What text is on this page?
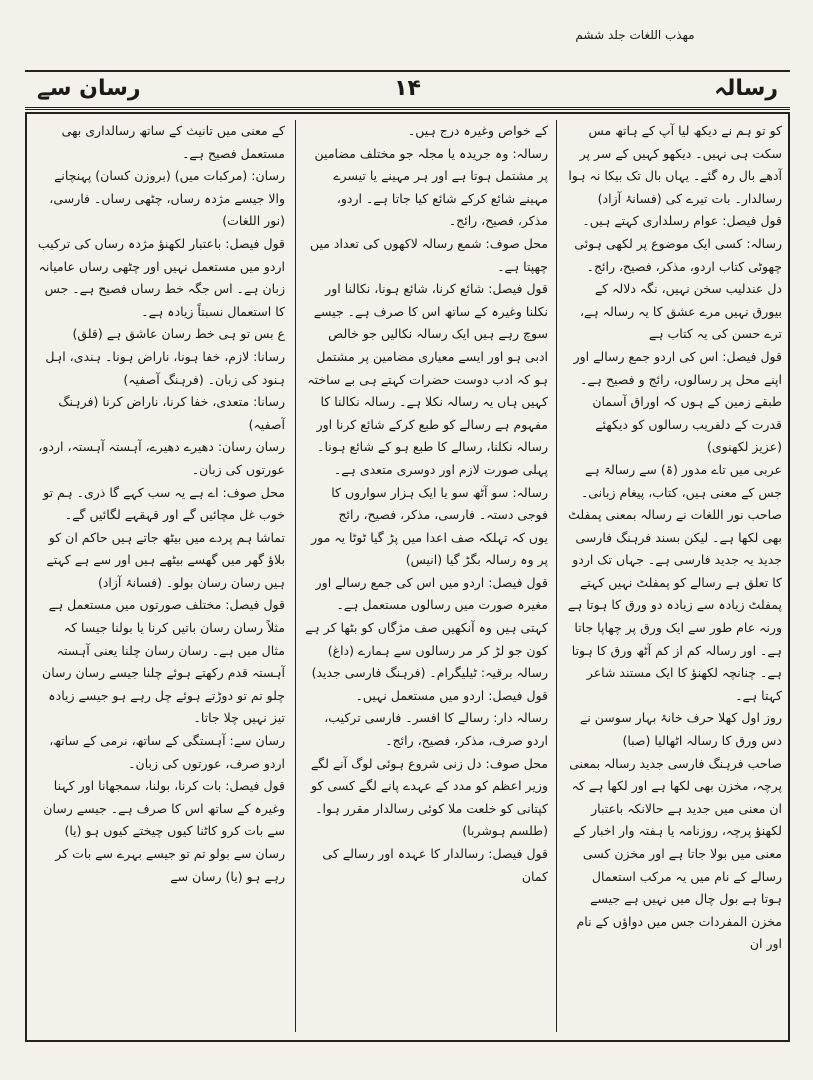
مھذب اللغات جلد ششم
رسالہ
۱۴
رسان سے

کو تو ہم نے دیکھ لیا آپ کے ہاتھ مس سکت ہی نہیں۔ دیکھو کہیں کے سر پر آدھے بال رہ گئے۔ یہاں بال تک بیکا نہ ہوا رسالدار۔ بات تیرے کی (فسانۂ آزاد)

قول فیصل: عوام رسلداری کہتے ہیں۔

رسالہ: کسی ایک موضوع پر لکھی ہوئی چھوٹی کتاب اردو، مذکر، فصیح، رائج۔

دل عندلیب سخن نہیں، نگہ دلالہ کے بیورق نہیں مرے عشق کا یہ رسالہ ہے، ترے حسن کی یہ کتاب ہے

قول فیصل: اس کی اردو جمع رسالے اور اپنے محل پر رسالوں، رائج و فصیح ہے۔

طبقے زمین کے ہوں کہ اوراق آسمان قدرت کے دلفریب رسالوں کو دیکھئے (عزیز لکھنوی)

عربی میں تاے مدور (ۃ) سے رسالۃ ہے جس کے معنی ہیں، کتاب، پیغام زبانی۔ صاحب نور اللغات نے رسالہ بمعنی پمفلٹ بھی لکھا ہے۔ لیکن بسند فرہنگ فارسی جدید یہ جدید فارسی ہے۔ جہاں تک اردو کا تعلق ہے رسالے کو پمفلٹ نہیں کہتے پمفلٹ زیادہ سے زیادہ دو ورق کا ہوتا ہے ورنہ عام طور سے ایک ورق پر چھاپا جاتا ہے۔ اور رسالہ کم از کم آٹھ ورق کا ہوتا ہے۔ چنانچہ لکھنؤ کا ایک مستند شاعر کہتا ہے۔

روز اول کھلا حرف خانۂ بہار سوسن نے دس ورق کا رسالہ اٹھالیا (صبا)

صاحب فرہنگ فارسی جدید رسالہ بمعنی پرچہ، مخزن بھی لکھا ہے اور لکھا ہے کہ ان معنی میں جدید ہے حالانکہ باعتبار لکھنؤ پرچہ، روزنامہ یا ہفتہ وار اخبار کے معنی میں بولا جاتا ہے اور مخزن کسی رسالے کے نام میں یہ مرکب استعمال ہوتا ہے بول چال میں نہیں ہے جیسے مخزن المفردات جس میں دواؤں کے نام اور ان

کے خواص وغیرہ درج ہیں۔

رسالہ: وہ جریدہ یا مجلہ جو مختلف مضامین پر مشتمل ہوتا ہے اور ہر مہینے یا تیسرے مہینے شائع کرکے شائع کیا جاتا ہے۔ اردو، مذکر، فصیح، رائج۔

محل صوف: شمع رسالہ لاکھوں کی تعداد میں چھپتا ہے۔

قول فیصل: شائع کرنا، شائع ہونا، نکالنا اور نکلنا وغیرہ کے ساتھ اس کا صرف ہے۔ جیسے سوچ رہے ہیں ایک رسالہ نکالیں جو خالص ادبی ہو اور ایسے معیاری مضامین پر مشتمل ہو کہ ادب دوست حضرات کہتے ہی بے ساختہ کہیں ہاں یہ رسالہ نکلا ہے۔ رسالہ نکالنا کا مفہوم ہے رسالے کو طبع کرکے شائع کرنا اور رسالہ نکلنا، رسالے کا طبع ہو کے شائع ہونا۔ پہلی صورت لازم اور دوسری متعدی ہے۔

رسالہ: سو آٹھ سو یا ایک ہزار سواروں کا فوجی دستہ۔ فارسی، مذکر، فصیح، رائج

یوں کہ تہلکہ صف اعدا میں پڑ گیا ٹوٹا یہ مور پر وہ رسالہ بگڑ گیا (انیس)

قول فیصل: اردو میں اس کی جمع رسالے اور مغیرہ صورت میں رسالوں مستعمل ہے۔

کہتی ہیں وہ آنکھیں صف مژگاں کو بٹھا کر ہے کون جو لڑ کر مر رسالوں سے ہمارے (داغ)

رسالہ برقیہ: ٹیلیگرام۔ (فرہنگ فارسی جدید)

قول فیصل: اردو میں مستعمل نہیں۔

رسالہ دار: رسالے کا افسر۔ فارسی ترکیب، اردو صرف، مذکر، فصیح، رائج۔

محل صوف: دل زنی شروع ہوئی لوگ آنے لگے وزیر اعظم کو مدد کے عہدے پانے لگے کسی کو کپتانی کو خلعت ملا کوئی رسالدار مقرر ہوا۔ (طلسم ہوشربا)

قول فیصل: رسالدار کا عہدہ اور رسالے کی کمان

کے معنی میں تانیث کے ساتھ رسالداری بھی مستعمل فصیح ہے۔

رسان: (مرکبات میں) (بروزن کسان) پہنچانے والا جیسے مژدہ رساں، چٹھی رساں۔ فارسی، (نور اللغات)

قول فیصل: باعتبار لکھنؤ مژدہ رساں کی ترکیب اردو میں مستعمل نہیں اور چٹھی رساں عامیانہ زبان ہے۔ اس جگہ خط رساں فصیح ہے۔ جس کا استعمال نسبتاً زیادہ ہے۔

ع بس تو ہی خط رسان عاشق ہے (قلق)

رسانا: لازم، خفا ہونا، ناراض ہونا۔ ہندی، اہل ہنود کی زبان۔ (فرہنگ آصفیہ)

رسانا: متعدی، خفا کرنا، ناراض کرنا (فرہنگ آصفیہ)

رسان رسان: دھیرے دھیرے، آہستہ آہستہ، اردو، عورتوں کی زبان۔

محل صوف: اے ہے یہ سب کہے گا ذری۔ ہم تو خوب غل مچائیں گے اور قہقہے لگائیں گے۔ تماشا ہم پردے میں بیٹھ جاتے ہیں حاکم ان کو بلاؤ گھر میں گھسے بیٹھے ہیں اور سے ہے کہتے ہیں رسان رسان بولو۔ (فسانۂ آزاد)

قول فیصل: مختلف صورتوں میں مستعمل ہے مثلاً رسان رسان باتیں کرنا یا بولنا جیسا کہ مثال میں ہے۔ رسان رسان چلنا یعنی آہستہ آہستہ قدم رکھتے ہوئے چلنا جیسے رسان رسان چلو تم تو دوڑتے ہوئے چل رہے ہو جیسے زیادہ تیز نہیں چلا جاتا۔

رسان سے: آہستگی کے ساتھ، نرمی کے ساتھ، اردو صرف، عورتوں کی زبان۔

قول فیصل: بات کرنا، بولنا، سمجھانا اور کہنا وغیرہ کے ساتھ اس کا صرف ہے۔ جیسے رسان سے بات کرو کاٹنا کیوں چیختے کیوں ہو (یا) رسان سے بولو تم تو جیسے بہرے سے بات کر رہے ہو (یا) رسان سے
